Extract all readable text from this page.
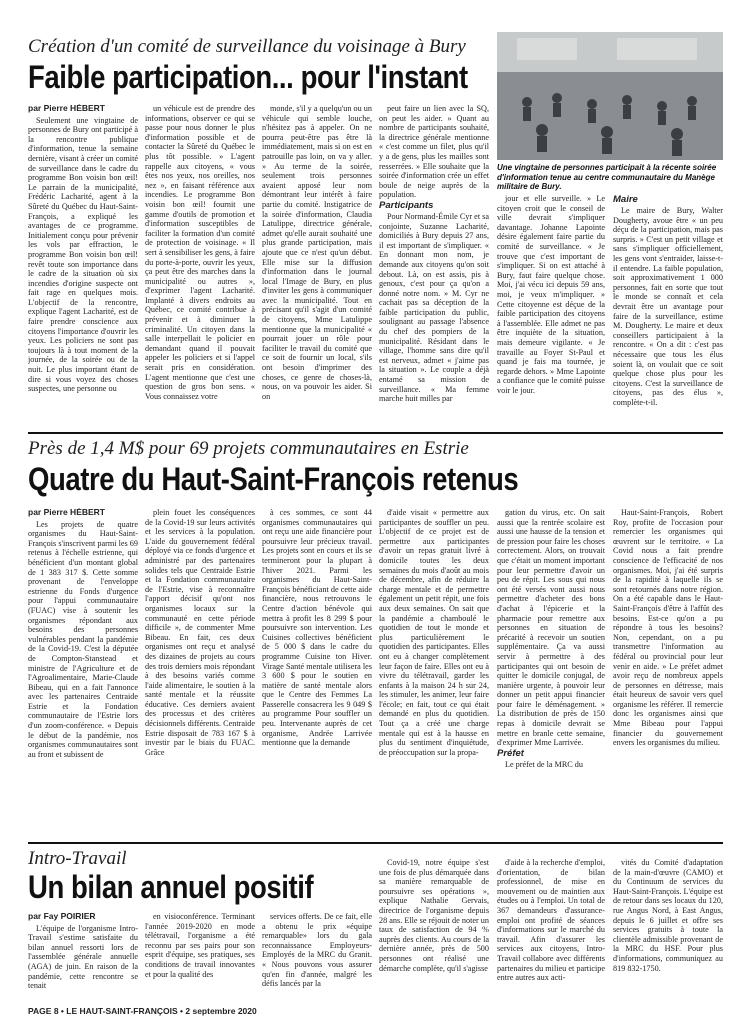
Création d'un comité de surveillance du voisinage à Bury
Faible participation... pour l'instant
Une vingtaine de personnes participait à la récente soirée d'information tenue au centre communautaire du Manège militaire de Bury.
par Pierre HÉBERT

Seulement une vingtaine de personnes de Bury ont participé à la rencontre publique d'information, tenue la semaine dernière, visant à créer un comité de surveillance dans le cadre du programme Bon voisin bon œil! Le parrain de la municipalité, Frédéric Lacharité, agent à la Sûreté du Québec du Haut-Saint-François, a expliqué les avantages de ce programme. Initialement conçu pour prévenir les vols par effraction, le programme Bon voisin bon œil! revêt toute son importance dans le cadre de la situation où six incendies d'origine suspecte ont fait rage en quelques mois. L'objectif de la rencontre, explique l'agent Lacharité, est de faire prendre conscience aux citoyens l'importance d'ouvrir les yeux. Les policiers ne sont pas toujours là à tout moment de la journée, de la soirée ou de la nuit. Le plus important étant de dire si vous voyez des choses suspectes, une personne ou

un véhicule est de prendre des informations, observer ce qui se passe pour nous donner le plus d'information possible et de contacter la Sûreté du Québec le plus tôt possible. » L'agent rappelle aux citoyens, « vous êtes nos yeux, nos oreilles, nos nez », en faisant référence aux incendies. Le programme Bon voisin bon œil! fournit une gamme d'outils de promotion et d'information susceptibles de faciliter la formation d'un comité de protection de voisinage. « Il sert à sensibiliser les gens, à faire du porte-à-porte, ouvrir les yeux, ça peut être des marches dans la municipalité ou autres », d'exprimer l'agent Lacharité. Implanté à divers endroits au Québec, ce comité contribue à prévenir et à diminuer la criminalité. Un citoyen dans la salle interpellait le policier en demandant quand il pouvait appeler les policiers et si l'appel serait pris en considération. L'agent mentionne que c'est une question de gros bon sens. « Vous connaissez votre

monde, s'il y a quelqu'un ou un véhicule qui semble louche, n'hésitez pas à appeler. On ne pourra peut-être pas être là immédiatement, mais si on est en patrouille pas loin, on va y aller. » Au terme de la soirée, seulement trois personnes avaient apposé leur nom démontrant leur intérêt à faire partie du comité. Instigatrice de la soirée d'information, Claudia Latulippe, directrice générale, admet qu'elle aurait souhaité une plus grande participation, mais ajoute que ce n'est qu'un début. Elle mise sur la diffusion d'information dans le journal local l'Image de Bury, en plus d'inviter les gens à communiquer avec la municipalité. Tout en précisant qu'il s'agit d'un comité de citoyens, Mme Latulippe mentionne que la municipalité « pourrait jouer un rôle pour faciliter le travail du comité que ce soit de fournir un local, s'ils ont besoin d'imprimer des choses, ce genre de choses-là, nous, on va pouvoir les aider. Si on

peut faire un lien avec la SQ, on peut les aider. » Quant au nombre de participants souhaité, la directrice générale mentionne « c'est comme un filet, plus qu'il y a de gens, plus les mailles sont resserrées. » Elle souhaite que la soirée d'information crée un effet boule de neige auprès de la population.

Participants

Pour Normand-Émile Cyr et sa conjointe, Suzanne Lacharité, domiciliés à Bury depuis 27 ans, il est important de s'impliquer. « En donnant mon nom, je demande aux citoyens qu'on soit debout. Là, on est assis, pis à genoux, c'est pour ça qu'on a donné notre nom. » M. Cyr ne cachait pas sa déception de la faible participation du public, soulignant au passage l'absence du chef des pompiers de la municipalité. Résidant dans le village, l'homme sans dire qu'il est nerveux, admet « j'aime pas la situation ». Le couple a déjà entamé sa mission de surveillance. « Ma femme marche huit milles par

jour et elle surveille. » Le citoyen croit que le conseil de ville devrait s'impliquer davantage. Johanne Lapointe désire également faire partie du comité de surveillance. « Je trouve que c'est important de s'impliquer. Si on est attaché à Bury, faut faire quelque chose. Moi, j'ai vécu ici depuis 59 ans, moi, je veux m'impliquer. » Cette citoyenne est déçue de la faible participation des citoyens à l'assemblée. Elle admet ne pas être inquiète de la situation, mais demeure vigilante. « Je travaille au Foyer St-Paul et quand je fais ma tournée, je regarde dehors. » Mme Lapointe a confiance que le comité puisse voir le jour.

Maire

Le maire de Bury, Walter Dougherty, avoue être « un peu déçu de la participation, mais pas surpris. » C'est un petit village et sans s'impliquer officiellement, les gens vont s'entraider, laisse-t-il entendre. La faible population, soit approximativement 1 000 personnes, fait en sorte que tout le monde se connaît et cela devrait être un avantage pour faire de la surveillance, estime M. Dougherty. Le maire et deux conseillers participaient à la rencontre. « On a dit : c'est pas nécessaire que tous les élus soient là, on voulait que ce soit quelque chose plus pour les citoyens. C'est la surveillance de citoyens, pas des élus », complète-t-il.

Près de 1,4 M$ pour 69 projets communautaires en Estrie
Quatre du Haut-Saint-François retenus
par Pierre HÉBERT

Les projets de quatre organismes du Haut-Saint-François s'inscrivent parmi les 69 retenus à l'échelle estrienne, qui bénéficient d'un montant global de 1 383 317 $. Cette somme provenant de l'enveloppe estrienne du Fonds d'urgence pour l'appui communautaire (FUAC) vise à soutenir les organismes répondant aux besoins des personnes vulnérables pendant la pandémie de la Covid-19. C'est la députée de Compton-Stanstead et ministre de l'Agriculture et de l'Agroalimentaire, Marie-Claude Bibeau, qui en a fait l'annonce avec les partenaires Centraide Estrie et la Fondation communautaire de l'Estrie lors d'un zoom-conférence. « Depuis le début de la pandémie, nos organismes communautaires sont au front et subissent de

plein fouet les conséquences de la Covid-19 sur leurs activités et les services à la population. L'aide du gouvernement fédéral déployé via ce fonds d'urgence et administré par des partenaires solides tels que Centraide Estrie et la Fondation communautaire de l'Estrie, vise à reconnaître l'apport décisif qu'ont nos organismes locaux sur la communauté en cette période difficile », de commenter Mme Bibeau. En fait, ces deux organismes ont reçu et analysé des dizaines de projets au cours des trois derniers mois répondant à des besoins variés comme l'aide alimentaire, le soutien à la santé mentale et la réussite éducative. Ces derniers avaient des processus et des critères décisionnels différents. Centraide Estrie disposait de 783 167 $ à investir par le biais du FUAC. Grâce

à ces sommes, ce sont 44 organismes communautaires qui ont reçu une aide financière pour poursuivre leur précieux travail. Les projets sont en cours et ils se termineront pour la plupart à l'hiver 2021. Parmi les organismes du Haut-Saint-François bénéficiant de cette aide financière, nous retrouvons le Centre d'action bénévole qui mettra à profit les 8 299 $ pour poursuivre son intervention. Les Cuisines collectives bénéficient de 5 000 $ dans le cadre du programme Cuisine ton Hiver. Virage Santé mentale utilisera les 3 600 $ pour le soutien en matière de santé mentale alors que le Centre des Femmes La Passerelle consacrera les 9 049 $ au programme Pour souffler un peu. Intervenante auprès de cet organisme, Andrée Larrivée mentionne que la demande

d'aide visait « permettre aux participantes de souffler un peu. L'objectif de ce projet est de permettre aux participantes d'avoir un repas gratuit livré à domicile toutes les deux semaines du mois d'août au mois de décembre, afin de réduire la charge mentale et de permettre également un petit répit, une fois aux deux semaines. On sait que la pandémie a chamboulé le quotidien de tout le monde et plus particulièrement le quotidien des participantes. Elles ont eu à changer complètement leur façon de faire. Elles ont eu à vivre du télétravail, garder les enfants à la maison 24 h sur 24, les stimuler, les animer, leur faire l'école; en fait, tout ce qui était demandé en plus du quotidien. Tout ça a créé une charge mentale qui est à la hausse en plus du sentiment d'inquiétude, de préoccupation sur la propa-

gation du virus, etc. On sait aussi que la rentrée scolaire est aussi une hausse de la tension et de pression pour faire les choses correctement. Alors, on trouvait que c'était un moment important pour leur permettre d'avoir un peu de répit. Les sous qui nous ont été versés vont aussi nous permettre d'acheter des bons d'achat à l'épicerie et la pharmacie pour remettre aux personnes en situation de précarité à recevoir un soutien supplémentaire. Ça va aussi servir à permettre à des participantes qui ont besoin de quitter le domicile conjugal, de manière urgente, à pouvoir leur donner un petit appui financier pour faire le déménagement. » La distribution de près de 150 repas à domicile devrait se mettre en branle cette semaine, d'exprimer Mme Larrivée.

Préfet

Le préfet de la MRC du

Haut-Saint-François, Robert Roy, profite de l'occasion pour remercier les organismes qui œuvrent sur le territoire. « La Covid nous a fait prendre conscience de l'efficacité de nos organismes. Moi, j'ai été surpris de la rapidité à laquelle ils se sont retournés dans notre région. On a été capable dans le Haut-Saint-François d'être à l'affût des besoins. Est-ce qu'on a pu répondre à tous les besoins? Non, cependant, on a pu transmettre l'information au fédéral ou provincial pour leur venir en aide. » Le préfet admet avoir reçu de nombreux appels de personnes en détresse, mais était heureux de savoir vers quel organisme les référer. Il remercie donc les organismes ainsi que Mme Bibeau pour l'appui financier du gouvernement envers les organismes du milieu.

Intro-Travail
Un bilan annuel positif
par Fay POIRIER

L'équipe de l'organisme Intro-Travail s'estime satisfaite du bilan annuel ressorti lors de l'assemblée générale annuelle (AGA) de juin. En raison de la pandémie, cette rencontre se tenait

en visioconférence. Terminant l'année 2019-2020 en mode télétravail, l'organisme a été reconnu par ses pairs pour son esprit d'équipe, ses pratiques, ses conditions de travail innovantes et pour la qualité des

services offerts. De ce fait, elle a obtenu le prix «équipe remarquable» lors du gala reconnaissance Employeurs-Employés de la MRC du Granit. « Nous pouvons vous assurer qu'en fin d'année, malgré les défis lancés par la

Covid-19, notre équipe s'est une fois de plus démarquée dans sa manière remarquable de poursuivre ses opérations », explique Nathalie Gervais, directrice de l'organisme depuis 28 ans. Elle se réjouit de noter un taux de satisfaction de 94 % auprès des clients. Au cours de la dernière année, près de 500 personnes ont réalisé une démarche complète, qu'il s'agisse

d'aide à la recherche d'emploi, d'orientation, de bilan professionnel, de mise en mouvement ou de maintien aux études ou à l'emploi. Un total de 367 demandeurs d'assurance-emploi ont profité de séances d'informations sur le marché du travail. Afin d'assurer les services aux citoyens, Intro-Travail collabore avec différents partenaires du milieu et participe entre autres aux acti-

vités du Comité d'adaptation de la main-d'œuvre (CAMO) et du Continuum de services du Haut-Saint-François. L'équipe est de retour dans ses locaux du 120, rue Angus Nord, à East Angus, depuis le 6 juillet et offre ses services gratuits à toute la clientèle admissible provenant de la MRC du HSF. Pour plus d'informations, communiquez au 819 832-1750.

PAGE 8 • LE HAUT-SAINT-FRANÇOIS • 2 septembre 2020
